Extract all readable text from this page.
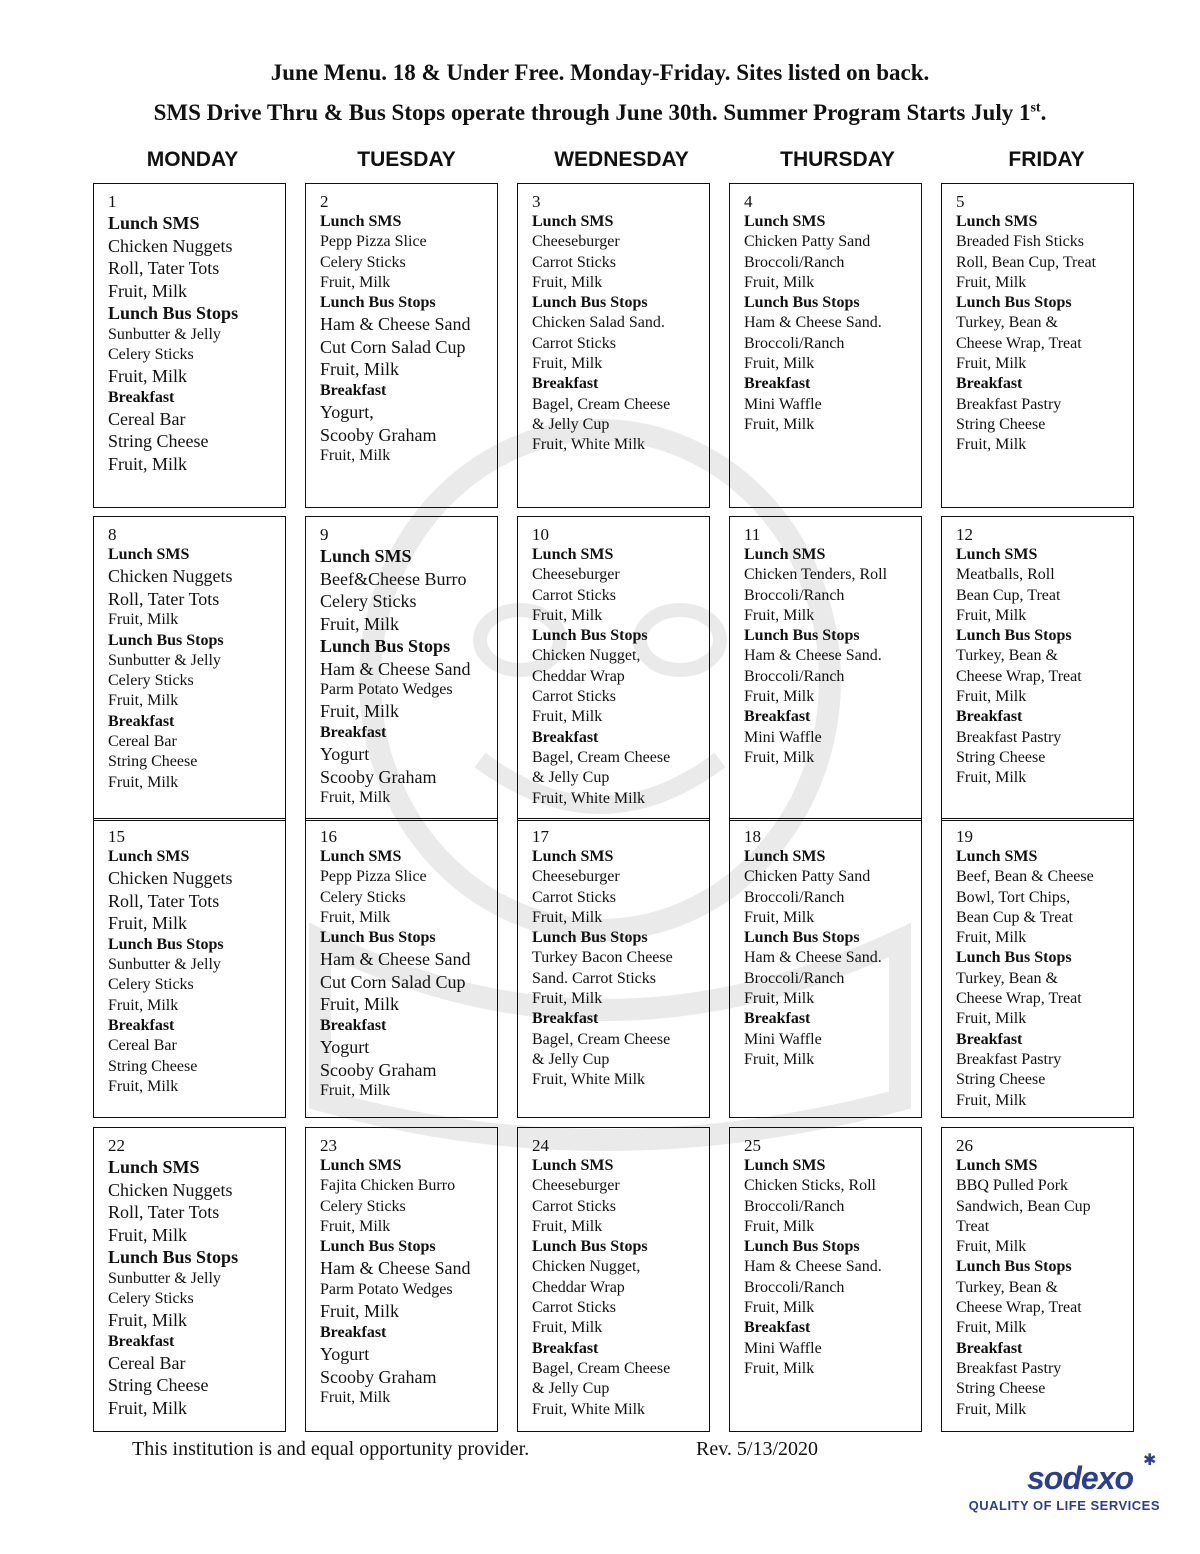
June Menu. 18 & Under Free. Monday-Friday. Sites listed on back.
SMS Drive Thru & Bus Stops operate through June 30th. Summer Program Starts July 1st.
MONDAY	TUESDAY	WEDNESDAY	THURSDAY	FRIDAY
1
Lunch SMS
Chicken Nuggets
Roll, Tater Tots
Fruit, Milk
Lunch Bus Stops
Sunbutter & Jelly
Celery Sticks
Fruit, Milk
Breakfast
Cereal Bar
String Cheese
Fruit, Milk
2
Lunch SMS
Pepp Pizza Slice
Celery Sticks
Fruit, Milk
Lunch Bus Stops
Ham & Cheese Sand
Cut Corn Salad Cup
Fruit, Milk
Breakfast
Yogurt,
Scooby Graham
Fruit, Milk
3
Lunch SMS
Cheeseburger
Carrot Sticks
Fruit, Milk
Lunch Bus Stops
Chicken Salad Sand.
Carrot Sticks
Fruit, Milk
Breakfast
Bagel, Cream Cheese
& Jelly Cup
Fruit, White Milk
4
Lunch SMS
Chicken Patty Sand
Broccoli/Ranch
Fruit, Milk
Lunch Bus Stops
Ham & Cheese Sand.
Broccoli/Ranch
Fruit, Milk
Breakfast
Mini Waffle
Fruit, Milk
5
Lunch SMS
Breaded Fish Sticks
Roll, Bean Cup, Treat
Fruit, Milk
Lunch Bus Stops
Turkey, Bean &
Cheese Wrap, Treat
Fruit, Milk
Breakfast
Breakfast Pastry
String Cheese
Fruit, Milk
8
Lunch SMS
Chicken Nuggets
Roll, Tater Tots
Fruit, Milk
Lunch Bus Stops
Sunbutter & Jelly
Celery Sticks
Fruit, Milk
Breakfast
Cereal Bar
String Cheese
Fruit, Milk
9
Lunch SMS
Beef&Cheese Burro
Celery Sticks
Fruit, Milk
Lunch Bus Stops
Ham & Cheese Sand
Parm Potato Wedges
Fruit, Milk
Breakfast
Yogurt
Scooby Graham
Fruit, Milk
10
Lunch SMS
Cheeseburger
Carrot Sticks
Fruit, Milk
Lunch Bus Stops
Chicken Nugget,
Cheddar Wrap
Carrot Sticks
Fruit, Milk
Breakfast
Bagel, Cream Cheese
& Jelly Cup
Fruit, White Milk
11
Lunch SMS
Chicken Tenders, Roll
Broccoli/Ranch
Fruit, Milk
Lunch Bus Stops
Ham & Cheese Sand.
Broccoli/Ranch
Fruit, Milk
Breakfast
Mini Waffle
Fruit, Milk
12
Lunch SMS
Meatballs, Roll
Bean Cup, Treat
Fruit, Milk
Lunch Bus Stops
Turkey, Bean &
Cheese Wrap, Treat
Fruit, Milk
Breakfast
Breakfast Pastry
String Cheese
Fruit, Milk
15
Lunch SMS
Chicken Nuggets
Roll, Tater Tots
Fruit, Milk
Lunch Bus Stops
Sunbutter & Jelly
Celery Sticks
Fruit, Milk
Breakfast
Cereal Bar
String Cheese
Fruit, Milk
16
Lunch SMS
Pepp Pizza Slice
Celery Sticks
Fruit, Milk
Lunch Bus Stops
Ham & Cheese Sand
Cut Corn Salad Cup
Fruit, Milk
Breakfast
Yogurt
Scooby Graham
Fruit, Milk
17
Lunch SMS
Cheeseburger
Carrot Sticks
Fruit, Milk
Lunch Bus Stops
Turkey Bacon Cheese
Sand. Carrot Sticks
Fruit, Milk
Breakfast
Bagel, Cream Cheese
& Jelly Cup
Fruit, White Milk
18
Lunch SMS
Chicken Patty Sand
Broccoli/Ranch
Fruit, Milk
Lunch Bus Stops
Ham & Cheese Sand.
Broccoli/Ranch
Fruit, Milk
Breakfast
Mini Waffle
Fruit, Milk
19
Lunch SMS
Beef, Bean & Cheese
Bowl, Tort Chips,
Bean Cup & Treat
Fruit, Milk
Lunch Bus Stops
Turkey, Bean &
Cheese Wrap, Treat
Fruit, Milk
Breakfast
Breakfast Pastry
String Cheese
Fruit, Milk
22
Lunch SMS
Chicken Nuggets
Roll, Tater Tots
Fruit, Milk
Lunch Bus Stops
Sunbutter & Jelly
Celery Sticks
Fruit, Milk
Breakfast
Cereal Bar
String Cheese
Fruit, Milk
23
Lunch SMS
Fajita Chicken Burro
Celery Sticks
Fruit, Milk
Lunch Bus Stops
Ham & Cheese Sand
Parm Potato Wedges
Fruit, Milk
Breakfast
Yogurt
Scooby Graham
Fruit, Milk
24
Lunch SMS
Cheeseburger
Carrot Sticks
Fruit, Milk
Lunch Bus Stops
Chicken Nugget,
Cheddar Wrap
Carrot Sticks
Fruit, Milk
Breakfast
Bagel, Cream Cheese
& Jelly Cup
Fruit, White Milk
25
Lunch SMS
Chicken Sticks, Roll
Broccoli/Ranch
Fruit, Milk
Lunch Bus Stops
Ham & Cheese Sand.
Broccoli/Ranch
Fruit, Milk
Breakfast
Mini Waffle
Fruit, Milk
26
Lunch SMS
BBQ Pulled Pork
Sandwich, Bean Cup
Treat
Fruit, Milk
Lunch Bus Stops
Turkey, Bean &
Cheese Wrap, Treat
Fruit, Milk
Breakfast
Breakfast Pastry
String Cheese
Fruit, Milk
This institution is and equal opportunity provider.	Rev. 5/13/2020
✱
sodexo
QUALITY OF LIFE SERVICES
